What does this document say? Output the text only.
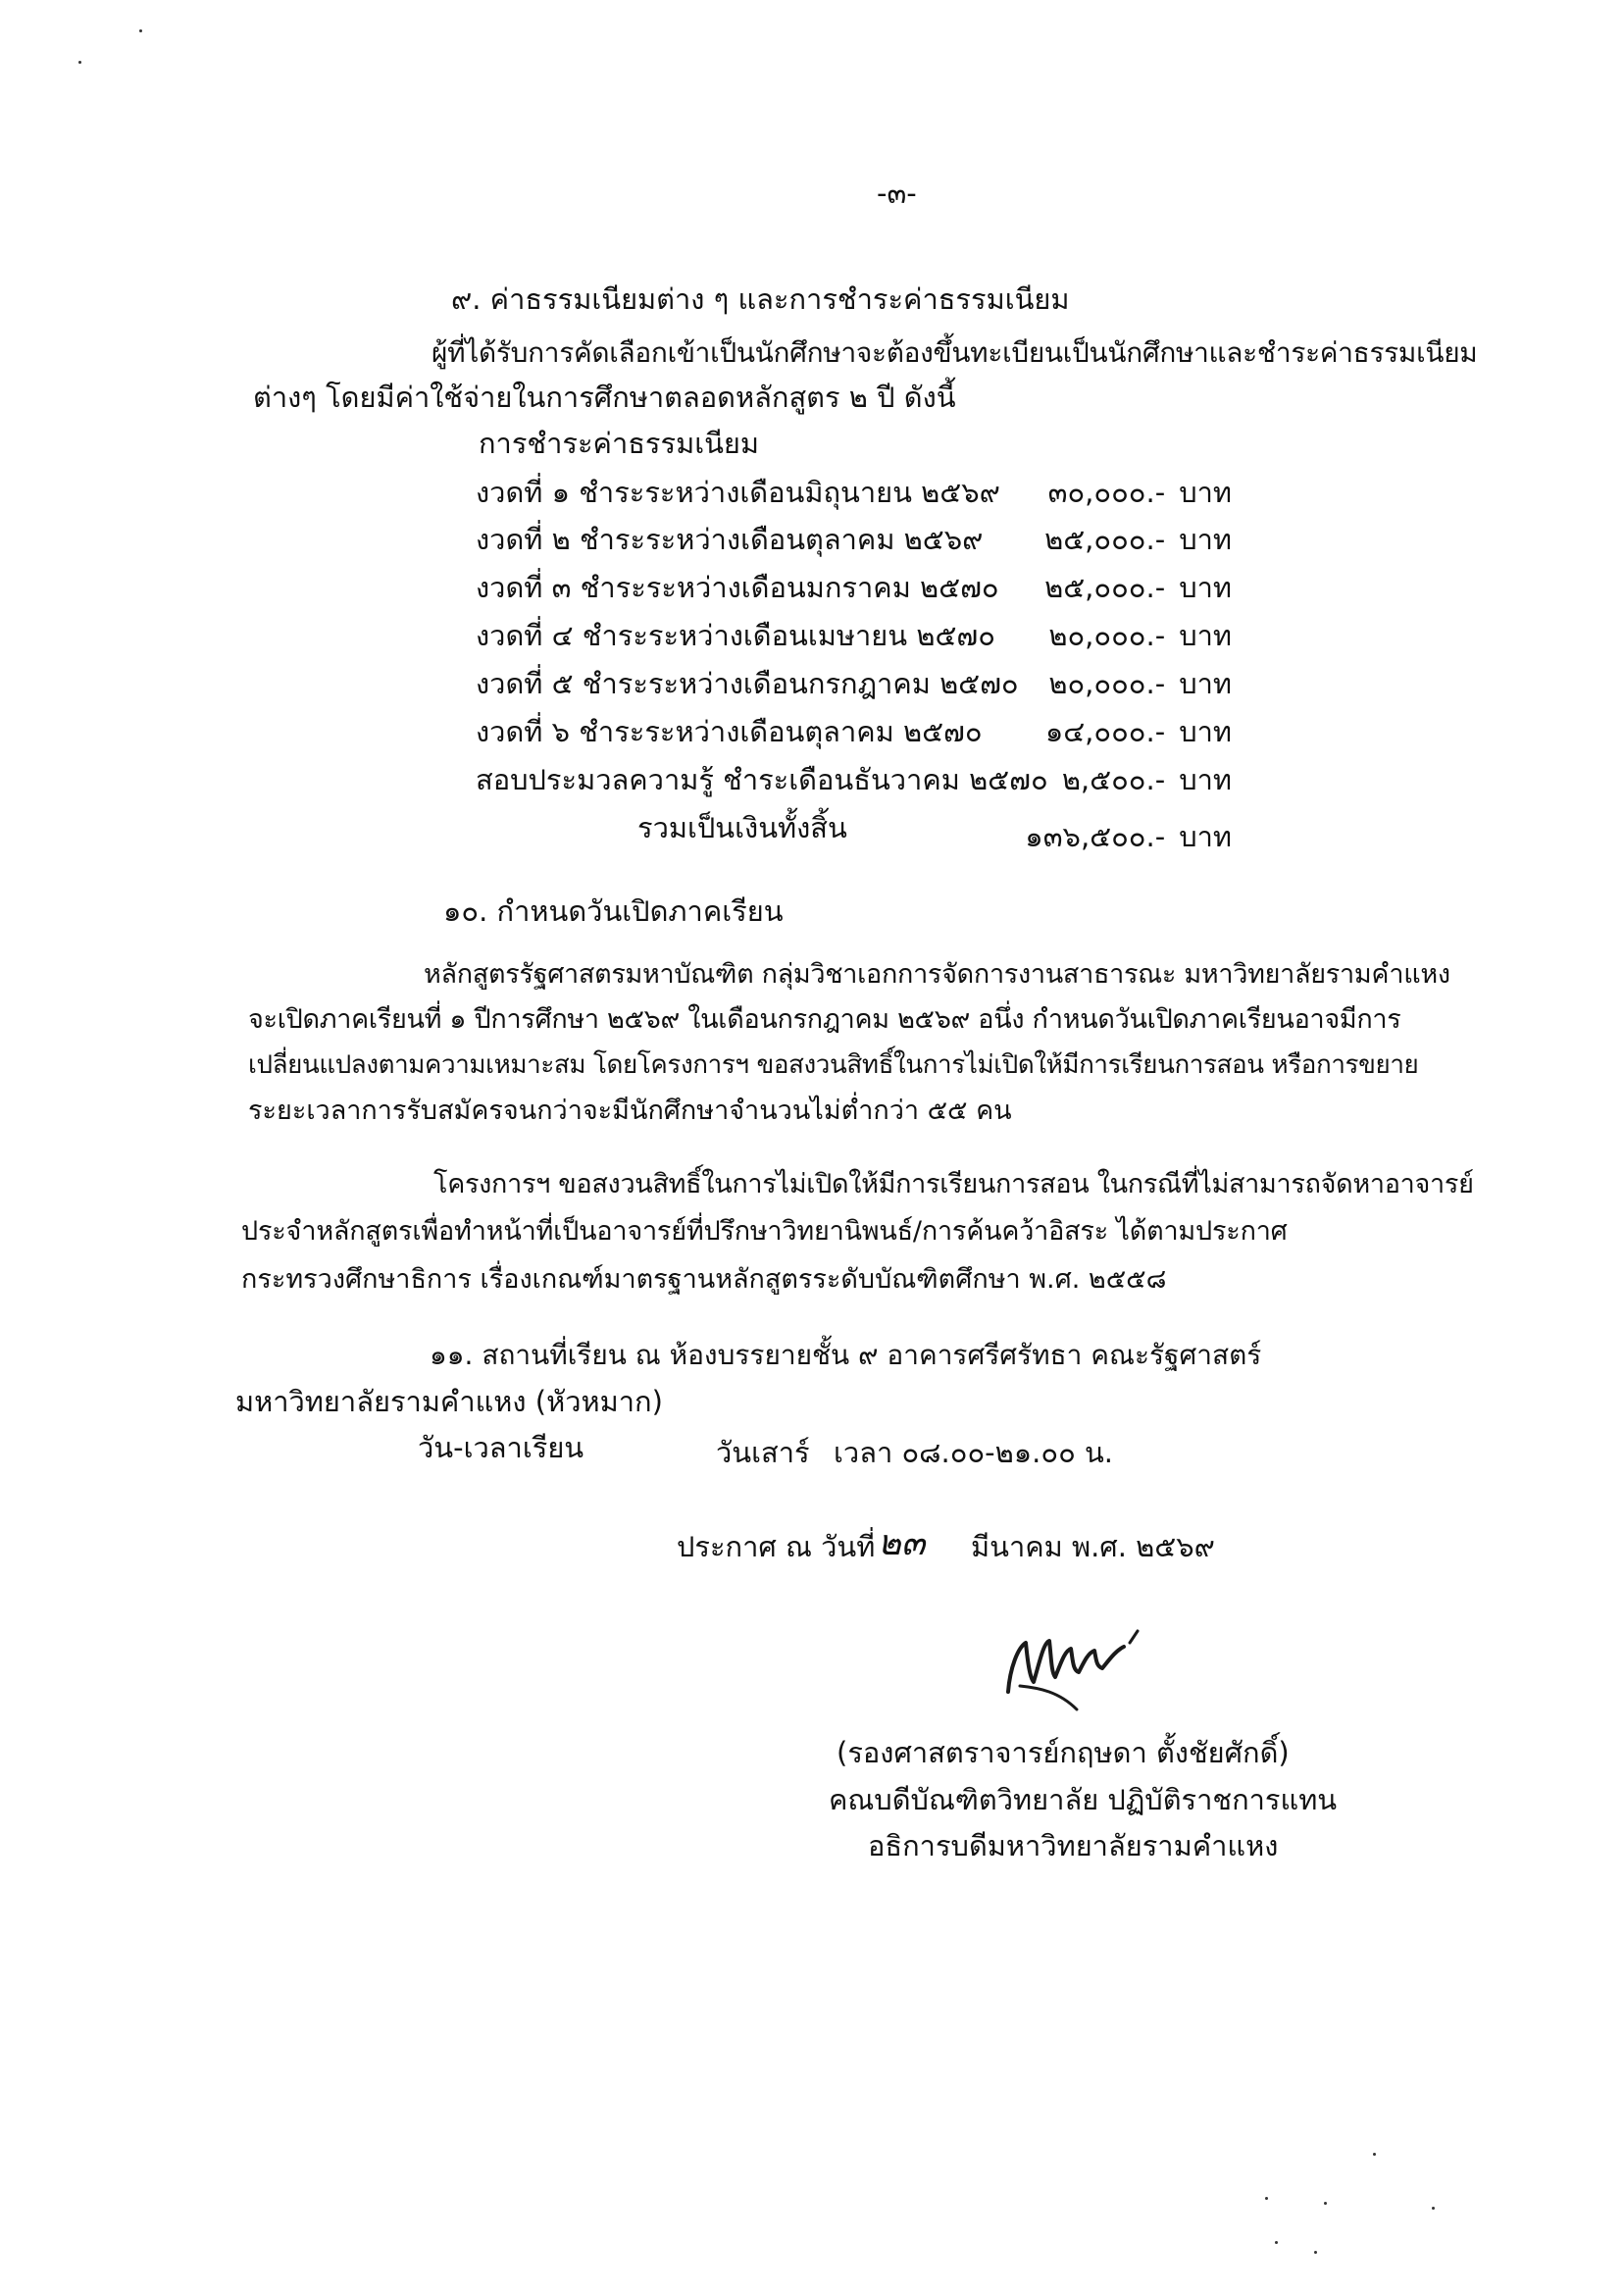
-๓-
๙. ค่าธรรมเนียมต่าง ๆ และการชำระค่าธรรมเนียม
ผู้ที่ได้รับการคัดเลือกเข้าเป็นนักศึกษาจะต้องขึ้นทะเบียนเป็นนักศึกษาและชำระค่าธรรมเนียม
ต่างๆ โดยมีค่าใช้จ่ายในการศึกษาตลอดหลักสูตร ๒ ปี ดังนี้
การชำระค่าธรรมเนียม
งวดที่ ๑ ชำระระหว่างเดือนมิถุนายน ๒๕๖๙ ๓๐,๐๐๐.- บาท
งวดที่ ๒ ชำระระหว่างเดือนตุลาคม ๒๕๖๙ ๒๕,๐๐๐.- บาท
งวดที่ ๓ ชำระระหว่างเดือนมกราคม ๒๕๗๐ ๒๕,๐๐๐.- บาท
งวดที่ ๔ ชำระระหว่างเดือนเมษายน ๒๕๗๐ ๒๐,๐๐๐.- บาท
งวดที่ ๕ ชำระระหว่างเดือนกรกฎาคม ๒๕๗๐ ๒๐,๐๐๐.- บาท
งวดที่ ๖ ชำระระหว่างเดือนตุลาคม ๒๕๗๐ ๑๔,๐๐๐.- บาท
สอบประมวลความรู้ ชำระเดือนธันวาคม ๒๕๗๐ ๒,๕๐๐.- บาท
รวมเป็นเงินทั้งสิ้น	๑๓๖,๕๐๐.- บาท
๑๐. กำหนดวันเปิดภาคเรียน
หลักสูตรรัฐศาสตรมหาบัณฑิต กลุ่มวิชาเอกการจัดการงานสาธารณะ มหาวิทยาลัยรามคำแหง
จะเปิดภาคเรียนที่ ๑ ปีการศึกษา ๒๕๖๙ ในเดือนกรกฎาคม ๒๕๖๙ อนึ่ง กำหนดวันเปิดภาคเรียนอาจมีการ
เปลี่ยนแปลงตามความเหมาะสม โดยโครงการฯ ขอสงวนสิทธิ์ในการไม่เปิดให้มีการเรียนการสอน หรือการขยาย
ระยะเวลาการรับสมัครจนกว่าจะมีนักศึกษาจำนวนไม่ต่ำกว่า ๕๕ คน
โครงการฯ ขอสงวนสิทธิ์ในการไม่เปิดให้มีการเรียนการสอน ในกรณีที่ไม่สามารถจัดหาอาจารย์
ประจำหลักสูตรเพื่อทำหน้าที่เป็นอาจารย์ที่ปรึกษาวิทยานิพนธ์/การค้นคว้าอิสระ ได้ตามประกาศ
กระทรวงศึกษาธิการ เรื่องเกณฑ์มาตรฐานหลักสูตรระดับบัณฑิตศึกษา พ.ศ. ๒๕๕๘
๑๑. สถานที่เรียน ณ ห้องบรรยายชั้น ๙ อาคารศรีศรัทธา คณะรัฐศาสตร์
มหาวิทยาลัยรามคำแหง (หัวหมาก)
วัน-เวลาเรียน	วันเสาร์ เวลา ๐๘.๐๐-๒๑.๐๐ น.
ประกาศ ณ วันที่ ๒๓ มีนาคม พ.ศ. ๒๕๖๙
(รองศาสตราจารย์กฤษดา ตั้งชัยศักดิ์)
คณบดีบัณฑิตวิทยาลัย ปฏิบัติราชการแทน
อธิการบดีมหาวิทยาลัยรามคำแหง
